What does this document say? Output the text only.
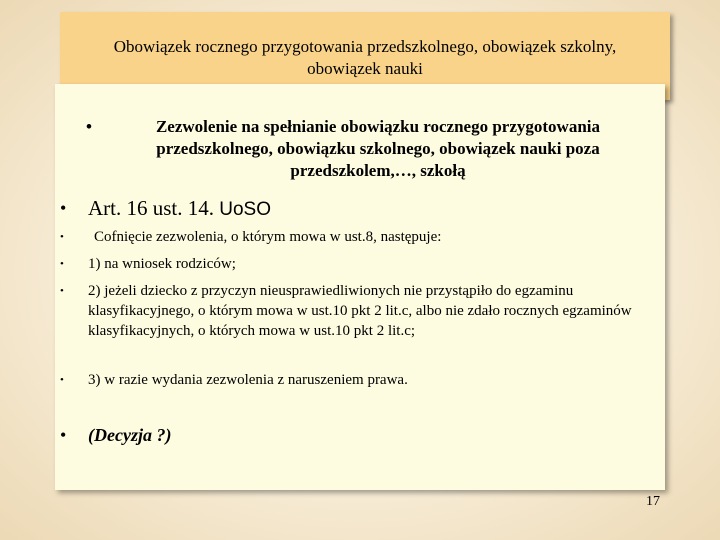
Obowiązek rocznego przygotowania przedszkolnego, obowiązek szkolny,
obowiązek nauki
•	Zezwolenie na spełnianie obowiązku rocznego przygotowania przedszkolnego, obowiązku szkolnego, obowiązek nauki poza przedszkolem,…, szkołą
• Art. 16 ust. 14. UoSO
• Cofnięcie zezwolenia, o którym mowa w ust.8, następuje:
• 1) na wniosek rodziców;
• 2) jeżeli dziecko z przyczyn nieusprawiedliwionych nie przystąpiło do egzaminu klasyfikacyjnego, o którym mowa w ust.10 pkt 2 lit.c, albo nie zdało rocznych egzaminów klasyfikacyjnych, o których mowa w ust.10 pkt 2 lit.c;
• 3) w razie wydania zezwolenia z naruszeniem prawa.
• (Decyzja ?)
17
